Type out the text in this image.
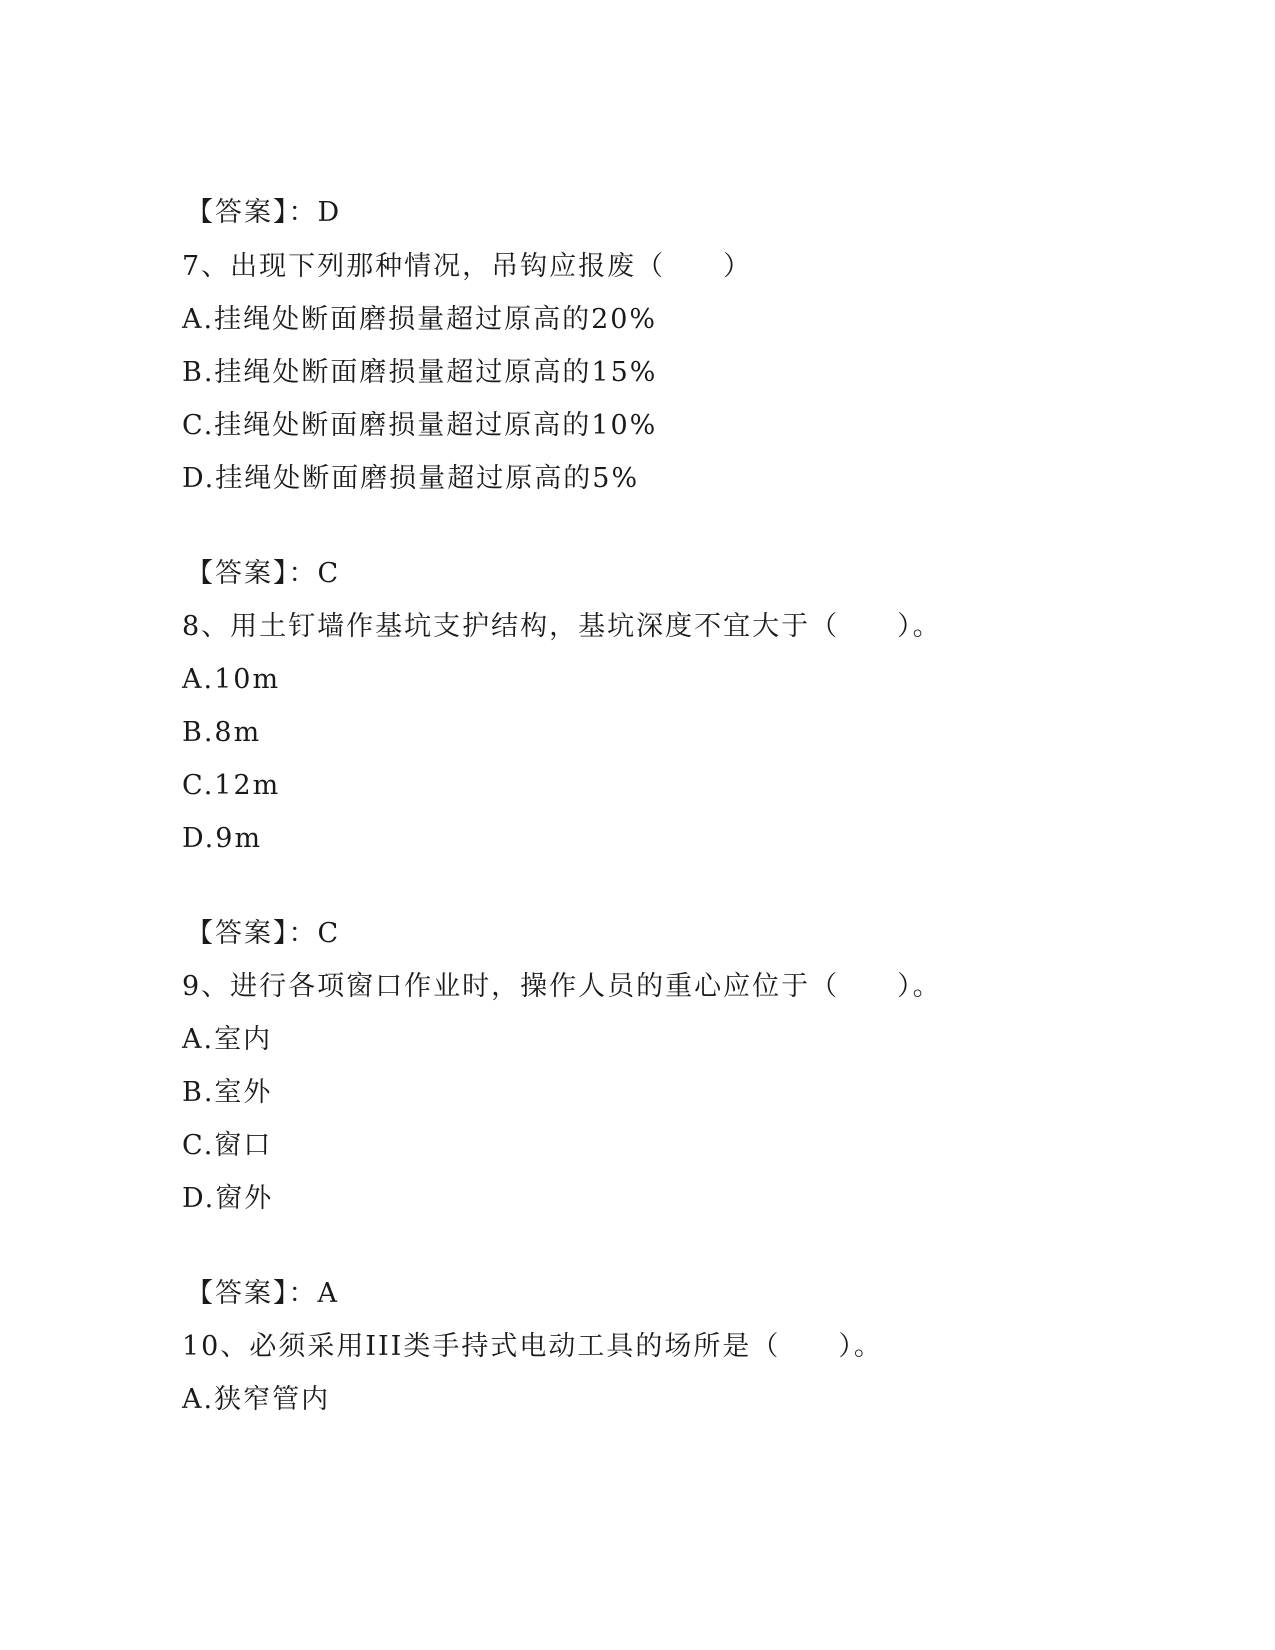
【答案】：D
7、出现下列那种情况，吊钩应报废（　　）
A.挂绳处断面磨损量超过原高的20%
B.挂绳处断面磨损量超过原高的15%
C.挂绳处断面磨损量超过原高的10%
D.挂绳处断面磨损量超过原高的5%
【答案】：C
8、用土钉墙作基坑支护结构，基坑深度不宜大于（　　）。
A.10m
B.8m
C.12m
D.9m
【答案】：C
9、进行各项窗口作业时，操作人员的重心应位于（　　）。
A.室内
B.室外
C.窗口
D.窗外
【答案】：A
10、必须采用III类手持式电动工具的场所是（　　）。
A.狭窄管内
